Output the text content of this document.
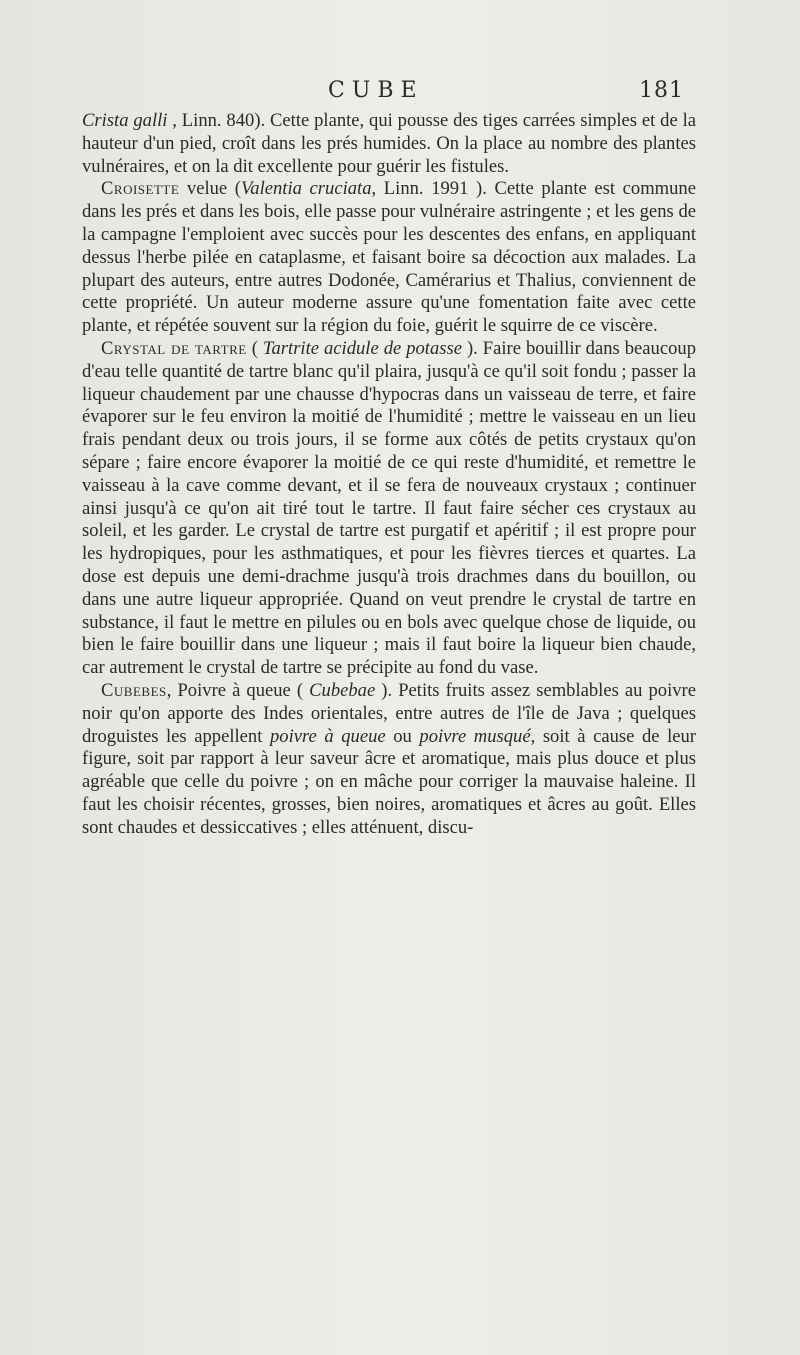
CUBE	181

Crista galli , Linn. 840). Cette plante, qui pousse des tiges carrées simples et de la hauteur d'un pied, croît dans les prés humides. On la place au nombre des plantes vulnéraires, et on la dit excellente pour guérir les fistules.

Croisette velue (Valentia cruciata, Linn. 1991 ). Cette plante est commune dans les prés et dans les bois, elle passe pour vulnéraire astringente ; et les gens de la campagne l'emploient avec succès pour les descentes des enfans, en appliquant dessus l'herbe pilée en cataplasme, et faisant boire sa décoction aux malades. La plupart des auteurs, entre autres Dodonée, Camérarius et Thalius, conviennent de cette propriété. Un auteur moderne assure qu'une fomentation faite avec cette plante, et répétée souvent sur la région du foie, guérit le squirre de ce viscère.

Crystal de tartre ( Tartrite acidule de potasse ). Faire bouillir dans beaucoup d'eau telle quantité de tartre blanc qu'il plaira, jusqu'à ce qu'il soit fondu ; passer la liqueur chaudement par une chausse d'hypocras dans un vaisseau de terre, et faire évaporer sur le feu environ la moitié de l'humidité ; mettre le vaisseau en un lieu frais pendant deux ou trois jours, il se forme aux côtés de petits crystaux qu'on sépare ; faire encore évaporer la moitié de ce qui reste d'humidité, et remettre le vaisseau à la cave comme devant, et il se fera de nouveaux crystaux ; continuer ainsi jusqu'à ce qu'on ait tiré tout le tartre. Il faut faire sécher ces crystaux au soleil, et les garder. Le crystal de tartre est purgatif et apéritif ; il est propre pour les hydropiques, pour les asthmatiques, et pour les fièvres tierces et quartes. La dose est depuis une demi-drachme jusqu'à trois drachmes dans du bouillon, ou dans une autre liqueur appropriée. Quand on veut prendre le crystal de tartre en substance, il faut le mettre en pilules ou en bols avec quelque chose de liquide, ou bien le faire bouillir dans une liqueur ; mais il faut boire la liqueur bien chaude, car autrement le crystal de tartre se précipite au fond du vase.

Cubebes, Poivre à queue ( Cubebae ). Petits fruits assez semblables au poivre noir qu'on apporte des Indes orientales, entre autres de l'île de Java ; quelques droguistes les appellent poivre à queue ou poivre musqué, soit à cause de leur figure, soit par rapport à leur saveur âcre et aromatique, mais plus douce et plus agréable que celle du poivre ; on en mâche pour corriger la mauvaise haleine. Il faut les choisir récentes, grosses, bien noires, aromatiques et âcres au goût. Elles sont chaudes et dessiccatives ; elles atténuent, discu-
